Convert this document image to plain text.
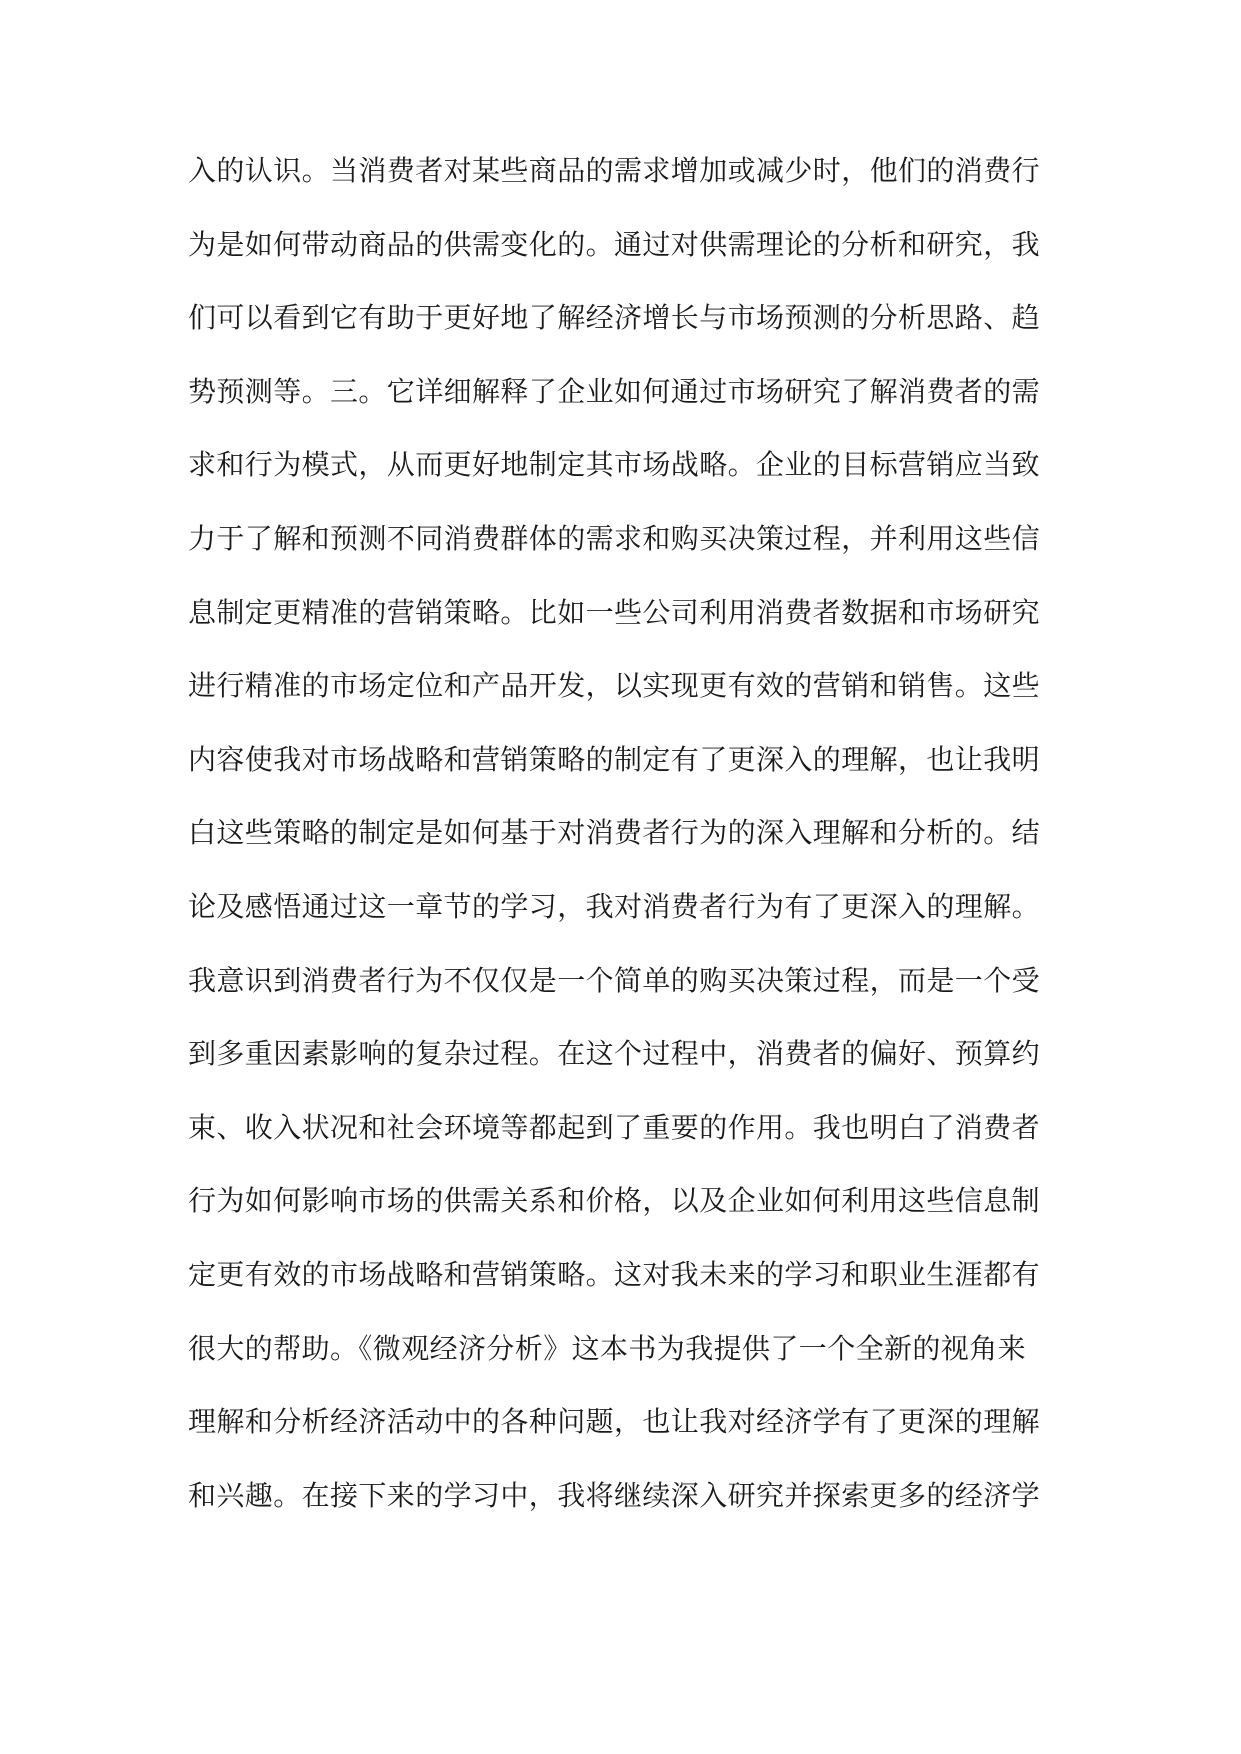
入的认识。当消费者对某些商品的需求增加或减少时，他们的消费行
为是如何带动商品的供需变化的。通过对供需理论的分析和研究，我
们可以看到它有助于更好地了解经济增长与市场预测的分析思路、趋
势预测等。三。它详细解释了企业如何通过市场研究了解消费者的需
求和行为模式，从而更好地制定其市场战略。企业的目标营销应当致
力于了解和预测不同消费群体的需求和购买决策过程，并利用这些信
息制定更精准的营销策略。比如一些公司利用消费者数据和市场研究
进行精准的市场定位和产品开发，以实现更有效的营销和销售。这些
内容使我对市场战略和营销策略的制定有了更深入的理解，也让我明
白这些策略的制定是如何基于对消费者行为的深入理解和分析的。结
论及感悟通过这一章节的学习，我对消费者行为有了更深入的理解。
我意识到消费者行为不仅仅是一个简单的购买决策过程，而是一个受
到多重因素影响的复杂过程。在这个过程中，消费者的偏好、预算约
束、收入状况和社会环境等都起到了重要的作用。我也明白了消费者
行为如何影响市场的供需关系和价格，以及企业如何利用这些信息制
定更有效的市场战略和营销策略。这对我未来的学习和职业生涯都有
很大的帮助。《微观经济分析》这本书为我提供了一个全新的视角来
理解和分析经济活动中的各种问题，也让我对经济学有了更深的理解
和兴趣。在接下来的学习中，我将继续深入研究并探索更多的经济学
